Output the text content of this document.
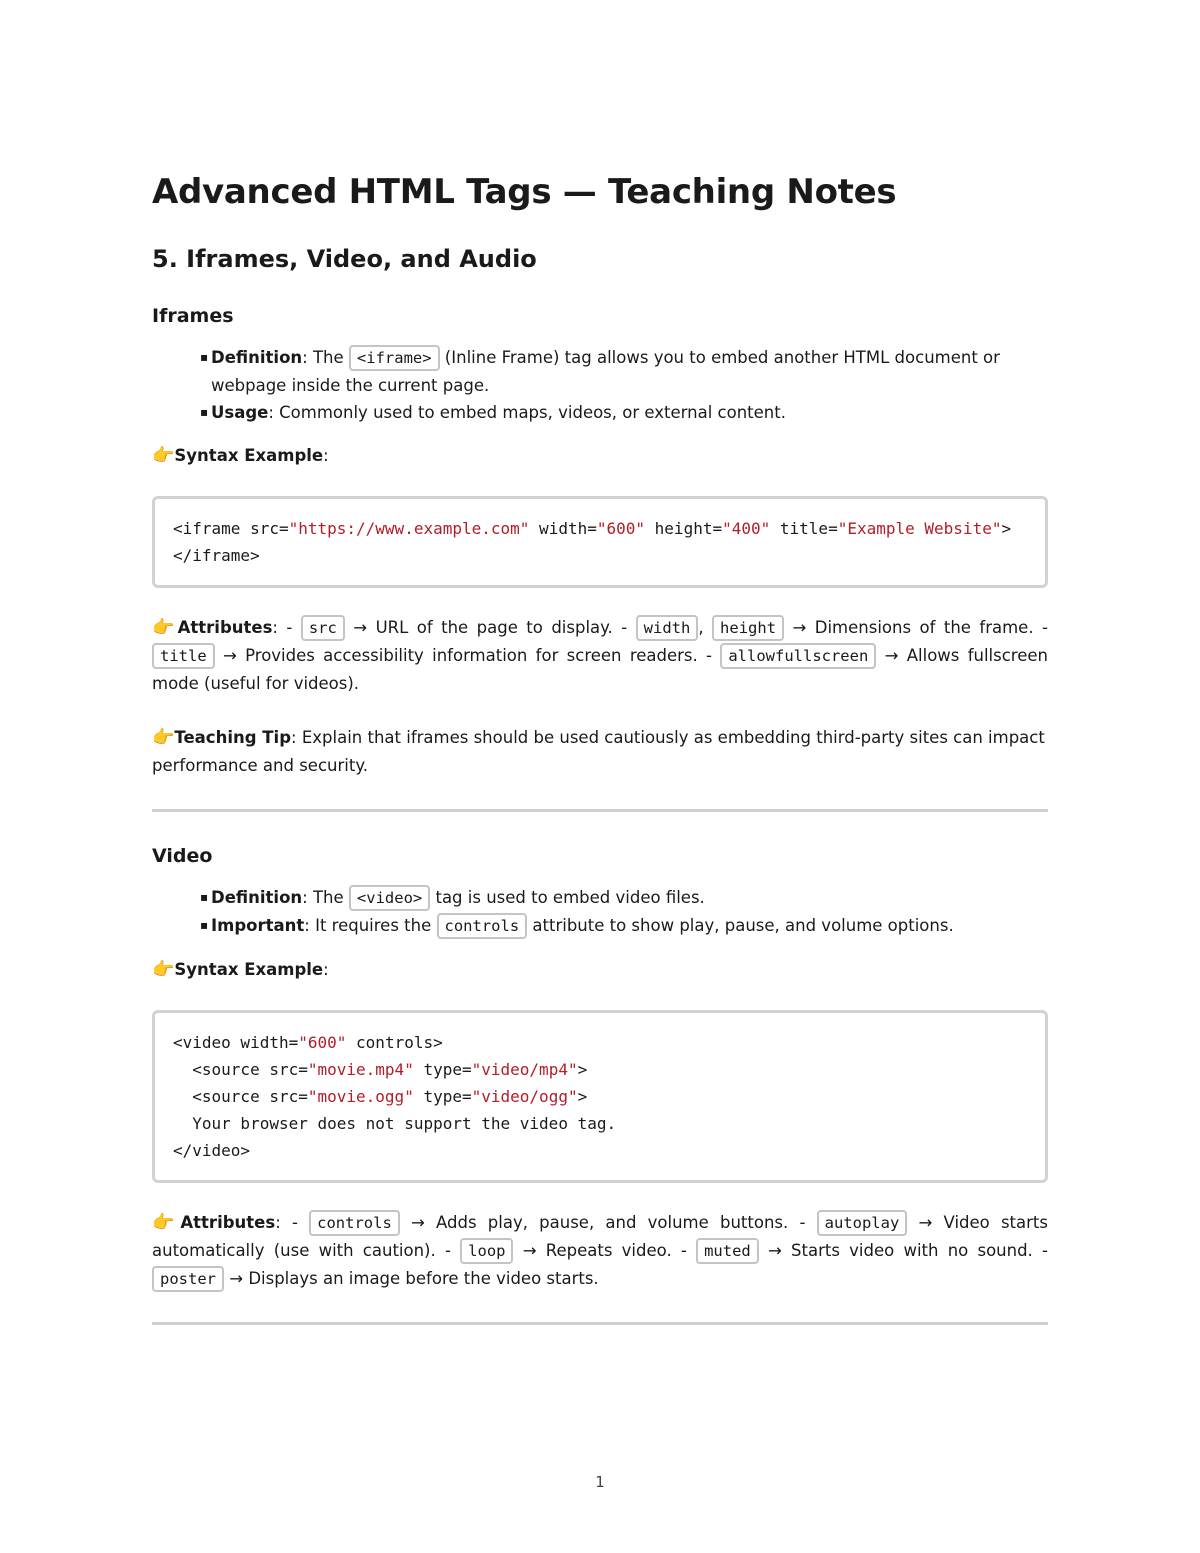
Advanced HTML Tags — Teaching Notes
5. Iframes, Video, and Audio
Iframes
▪ Definition: The <iframe> (Inline Frame) tag allows you to embed another HTML document or webpage inside the current page.
▪ Usage: Commonly used to embed maps, videos, or external content.

👉Syntax Example:

<iframe src="https://www.example.com" width="600" height="400" title="Example Website"></iframe>

👉Attributes: - src → URL of the page to display. - width , height → Dimensions of the frame. - title → Provides accessibility information for screen readers. - allowfullscreen → Allows fullscreen mode (useful for videos).

👉Teaching Tip: Explain that iframes should be used cautiously as embedding third-party sites can impact performance and security.

Video
▪ Definition: The <video> tag is used to embed video files.
▪ Important: It requires the controls attribute to show play, pause, and volume options.

👉Syntax Example:

<video width="600" controls>
<source src="movie.mp4" type="video/mp4">
<source src="movie.ogg" type="video/ogg">
Your browser does not support the video tag.
</video>

👉Attributes: - controls → Adds play, pause, and volume buttons. - autoplay → Video starts automatically (use with caution). - loop → Repeats video. - muted → Starts video with no sound. - poster → Displays an image before the video starts.

1
